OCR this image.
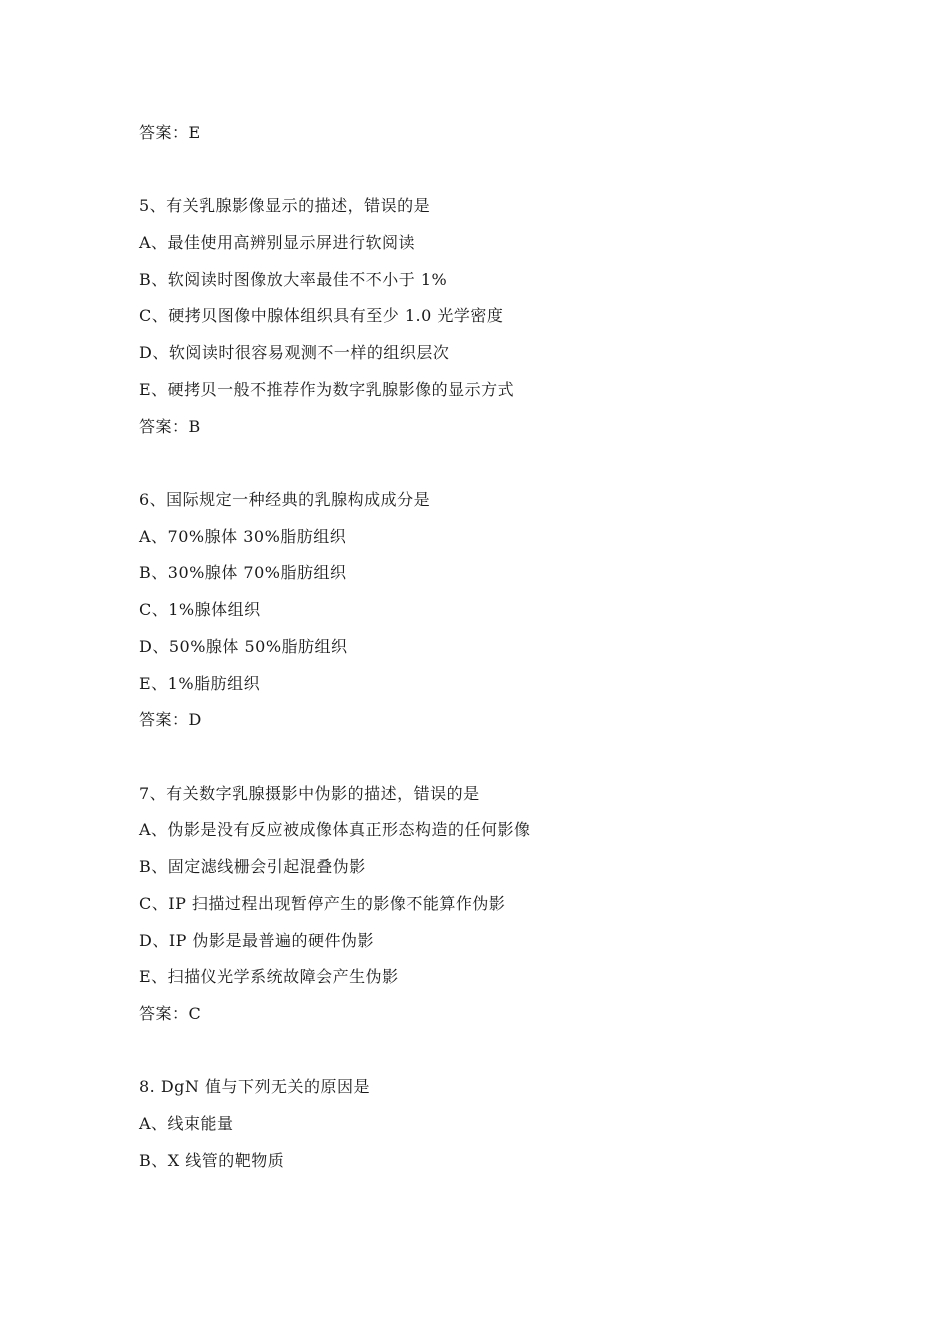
答案：E
5、有关乳腺影像显示的描述，错误的是
A、最佳使用高辨别显示屏进行软阅读
B、软阅读时图像放大率最佳不不小于 1%
C、硬拷贝图像中腺体组织具有至少 1.0 光学密度
D、软阅读时很容易观测不一样的组织层次
E、硬拷贝一般不推荐作为数字乳腺影像的显示方式
答案：B
6、国际规定一种经典的乳腺构成成分是
A、70%腺体 30%脂肪组织
B、30%腺体 70%脂肪组织
C、1%腺体组织
D、50%腺体 50%脂肪组织
E、1%脂肪组织
答案：D
7、有关数字乳腺摄影中伪影的描述，错误的是
A、伪影是没有反应被成像体真正形态构造的任何影像
B、固定滤线栅会引起混叠伪影
C、IP 扫描过程出现暂停产生的影像不能算作伪影
D、IP 伪影是最普遍的硬件伪影
E、扫描仪光学系统故障会产生伪影
答案：C
8. DgN 值与下列无关的原因是
A、线束能量
B、X 线管的靶物质
